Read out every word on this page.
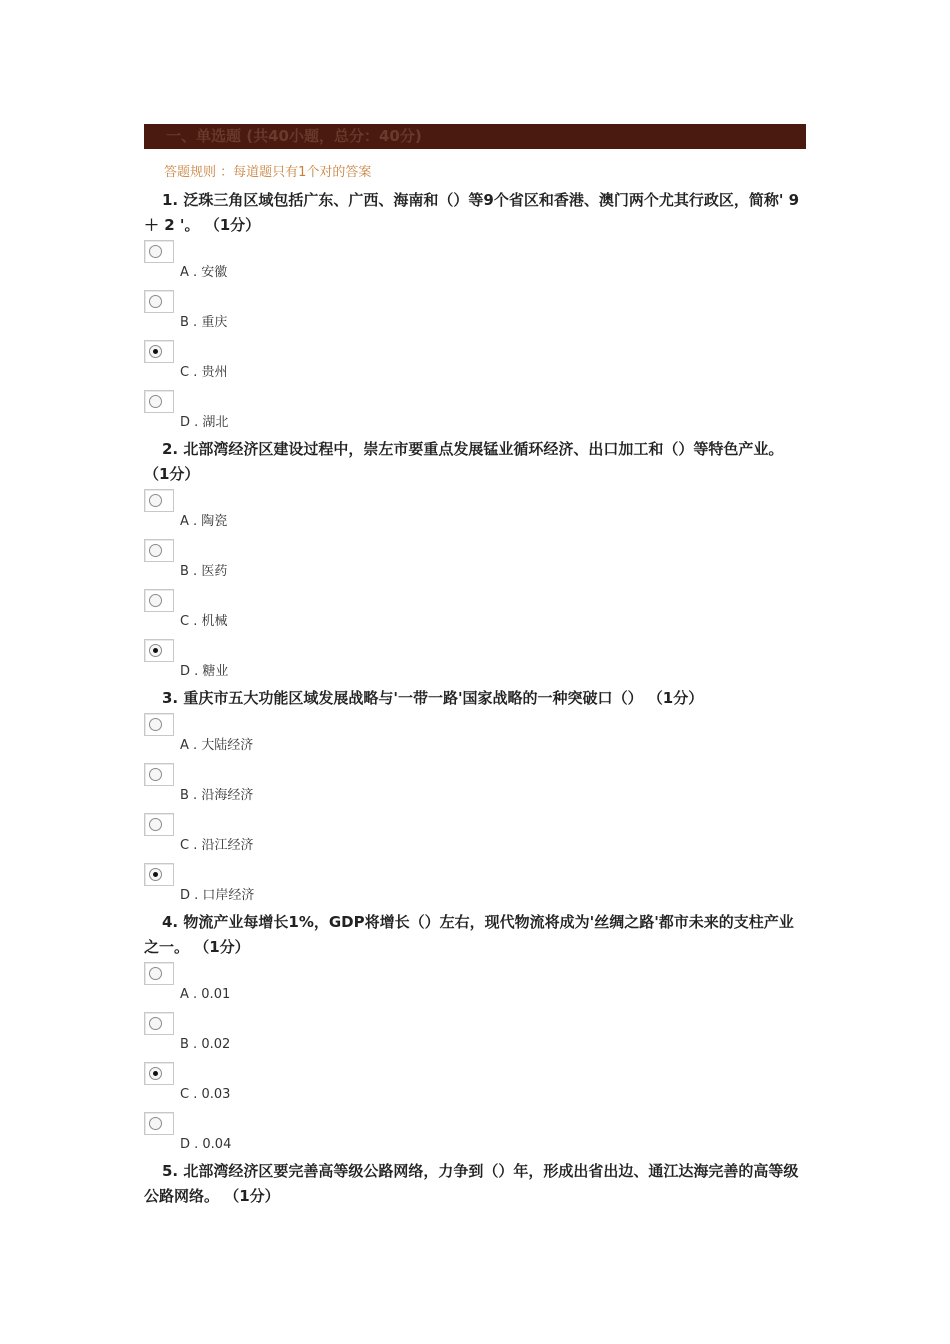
一、单选题 (共40小题，总分：40分)
答题规则 ：每道题只有1个对的答案

1. 泛珠三角区域包括广东、广西、海南和（）等9个省区和香港、澳门两个尤其行政区，简称' 9 ＋ 2 '。 （1分）

A . 安徽
B . 重庆
C . 贵州
D . 湖北

2. 北部湾经济区建设过程中，崇左市要重点发展锰业循环经济、出口加工和（）等特色产业。 （1分）

A . 陶瓷
B . 医药
C . 机械
D . 糖业

3. 重庆市五大功能区域发展战略与'一带一路'国家战略的一种突破口（） （1分）

A . 大陆经济
B . 沿海经济
C . 沿江经济
D . 口岸经济

4. 物流产业每增长1%，GDP将增长（）左右，现代物流将成为'丝绸之路'都市未来的支柱产业之一。 （1分）

A . 0.01
B . 0.02
C . 0.03
D . 0.04

5. 北部湾经济区要完善高等级公路网络，力争到（）年，形成出省出边、通江达海完善的高等级公路网络。 （1分）
